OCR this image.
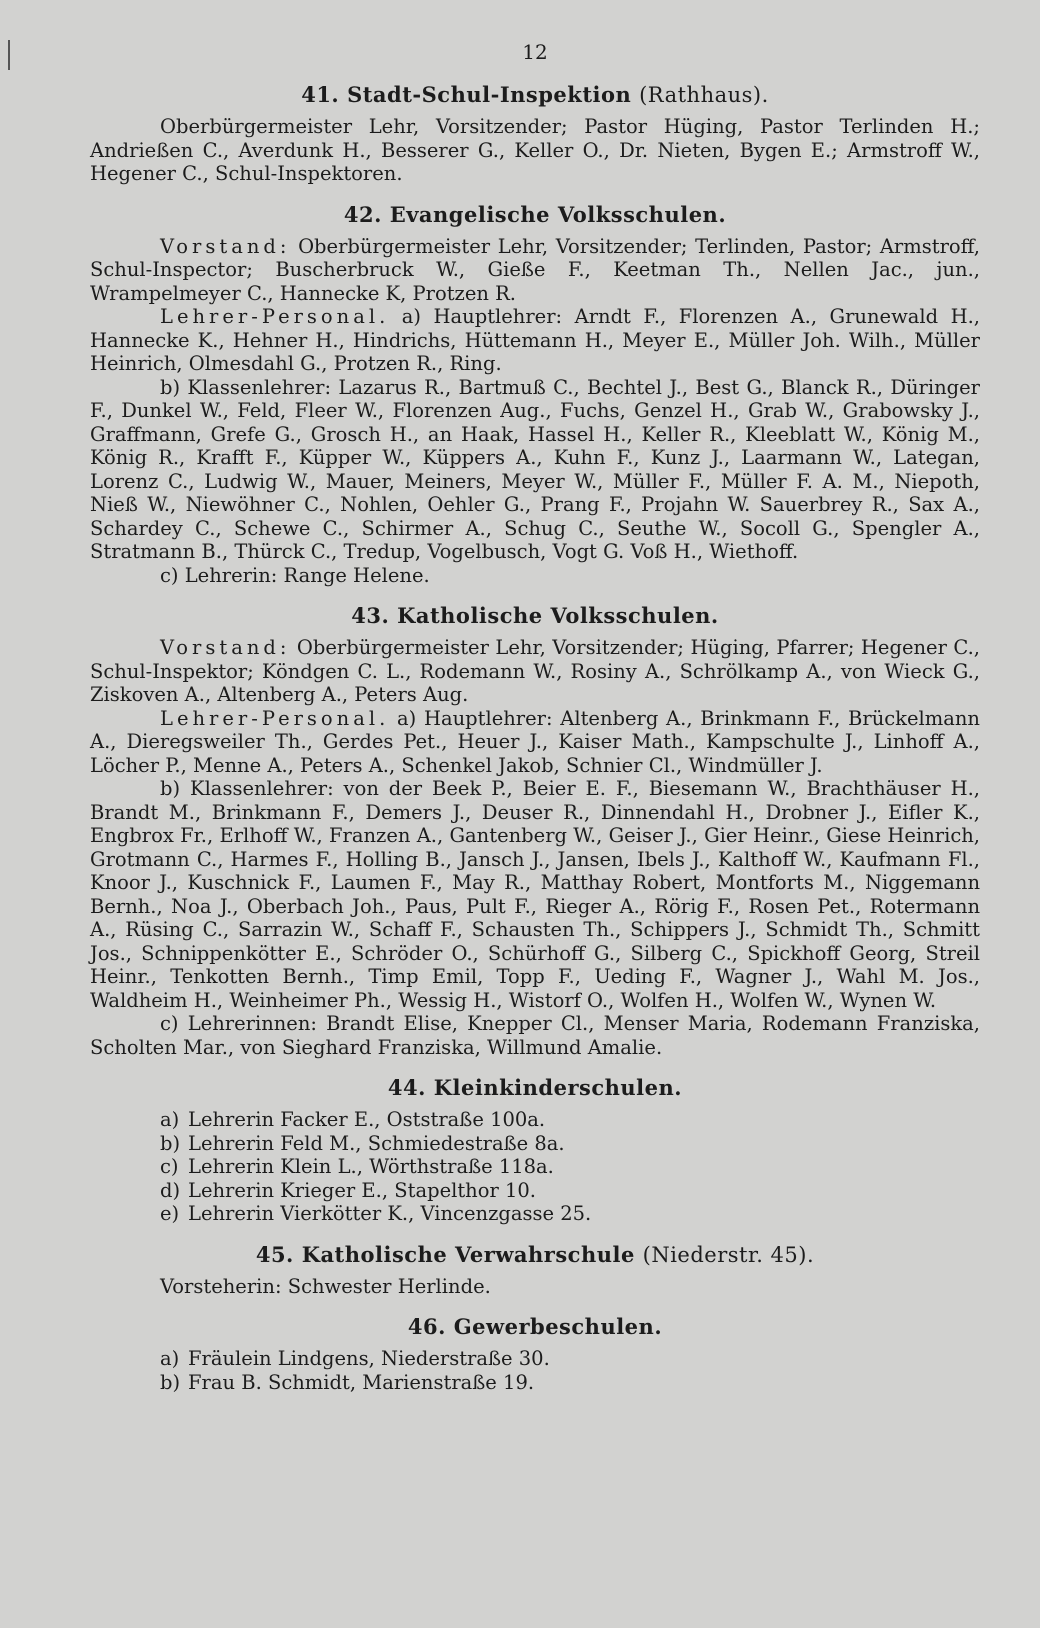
12
41. Stadt-Schul-Inspektion (Rathhaus).

Oberbürgermeister Lehr, Vorsitzender; Pastor Hüging, Pastor Terlinden H.; Andrießen C., Averdunk H., Besserer G., Keller O., Dr. Nieten, Bygen E.; Armstroff W., Hegener C., Schul-Inspektoren.

42. Evangelische Volksschulen.

Vorstand: Oberbürgermeister Lehr, Vorsitzender; Terlinden, Pastor; Armstroff, Schul-Inspector; Buscherbruck W., Gieße F., Keetman Th., Nellen Jac., jun., Wrampelmeyer C., Hannecke K, Protzen R.

Lehrer-Personal. a) Hauptlehrer: Arndt F., Florenzen A., Grunewald H., Hannecke K., Hehner H., Hindrichs, Hüttemann H., Meyer E., Müller Joh. Wilh., Müller Heinrich, Olmesdahl G., Protzen R., Ring.

b) Klassenlehrer: Lazarus R., Bartmuß C., Bechtel J., Best G., Blanck R., Düringer F., Dunkel W., Feld, Fleer W., Florenzen Aug., Fuchs, Genzel H., Grab W., Grabowsky J., Graffmann, Grefe G., Grosch H., an Haak, Hassel H., Keller R., Kleeblatt W., König M., König R., Krafft F., Küpper W., Küppers A., Kuhn F., Kunz J., Laarmann W., Lategan, Lorenz C., Ludwig W., Mauer, Meiners, Meyer W., Müller F., Müller F. A. M., Niepoth, Nieß W., Niewöhner C., Nohlen, Oehler G., Prang F., Projahn W. Sauerbrey R., Sax A., Schardey C., Schewe C., Schirmer A., Schug C., Seuthe W., Socoll G., Spengler A., Stratmann B., Thürck C., Tredup, Vogelbusch, Vogt G. Voß H., Wiethoff.

c) Lehrerin: Range Helene.

43. Katholische Volksschulen.

Vorstand: Oberbürgermeister Lehr, Vorsitzender; Hüging, Pfarrer; Hegener C., Schul-Inspektor; Köndgen C. L., Rodemann W., Rosiny A., Schrölkamp A., von Wieck G., Ziskoven A., Altenberg A., Peters Aug.

Lehrer-Personal. a) Hauptlehrer: Altenberg A., Brinkmann F., Brückelmann A., Dieregsweiler Th., Gerdes Pet., Heuer J., Kaiser Math., Kampschulte J., Linhoff A., Löcher P., Menne A., Peters A., Schenkel Jakob, Schnier Cl., Windmüller J.

b) Klassenlehrer: von der Beek P., Beier E. F., Biesemann W., Brachthäuser H., Brandt M., Brinkmann F., Demers J., Deuser R., Dinnendahl H., Drobner J., Eifler K., Engbrox Fr., Erlhoff W., Franzen A., Gantenberg W., Geiser J., Gier Heinr., Giese Heinrich, Grotmann C., Harmes F., Holling B., Jansch J., Jansen, Ibels J., Kalthoff W., Kaufmann Fl., Knoor J., Kuschnick F., Laumen F., May R., Matthay Robert, Montforts M., Niggemann Bernh., Noa J., Oberbach Joh., Paus, Pult F., Rieger A., Rörig F., Rosen Pet., Rotermann A., Rüsing C., Sarrazin W., Schaff F., Schausten Th., Schippers J., Schmidt Th., Schmitt Jos., Schnippenkötter E., Schröder O., Schürhoff G., Silberg C., Spickhoff Georg, Streil Heinr., Tenkotten Bernh., Timp Emil, Topp F., Ueding F., Wagner J., Wahl M. Jos., Waldheim H., Weinheimer Ph., Wessig H., Wistorf O., Wolfen H., Wolfen W., Wynen W.

c) Lehrerinnen: Brandt Elise, Knepper Cl., Menser Maria, Rodemann Franziska, Scholten Mar., von Sieghard Franziska, Willmund Amalie.

44. Kleinkinderschulen.
a) Lehrerin Facker E., Oststraße 100a.
b) Lehrerin Feld M., Schmiedestraße 8a.
c) Lehrerin Klein L., Wörthstraße 118a.
d) Lehrerin Krieger E., Stapelthor 10.
e) Lehrerin Vierkötter K., Vincenzgasse 25.
45. Katholische Verwahrschule (Niederstr. 45).

Vorsteherin: Schwester Herlinde.

46. Gewerbeschulen.
a) Fräulein Lindgens, Niederstraße 30.
b) Frau B. Schmidt, Marienstraße 19.
